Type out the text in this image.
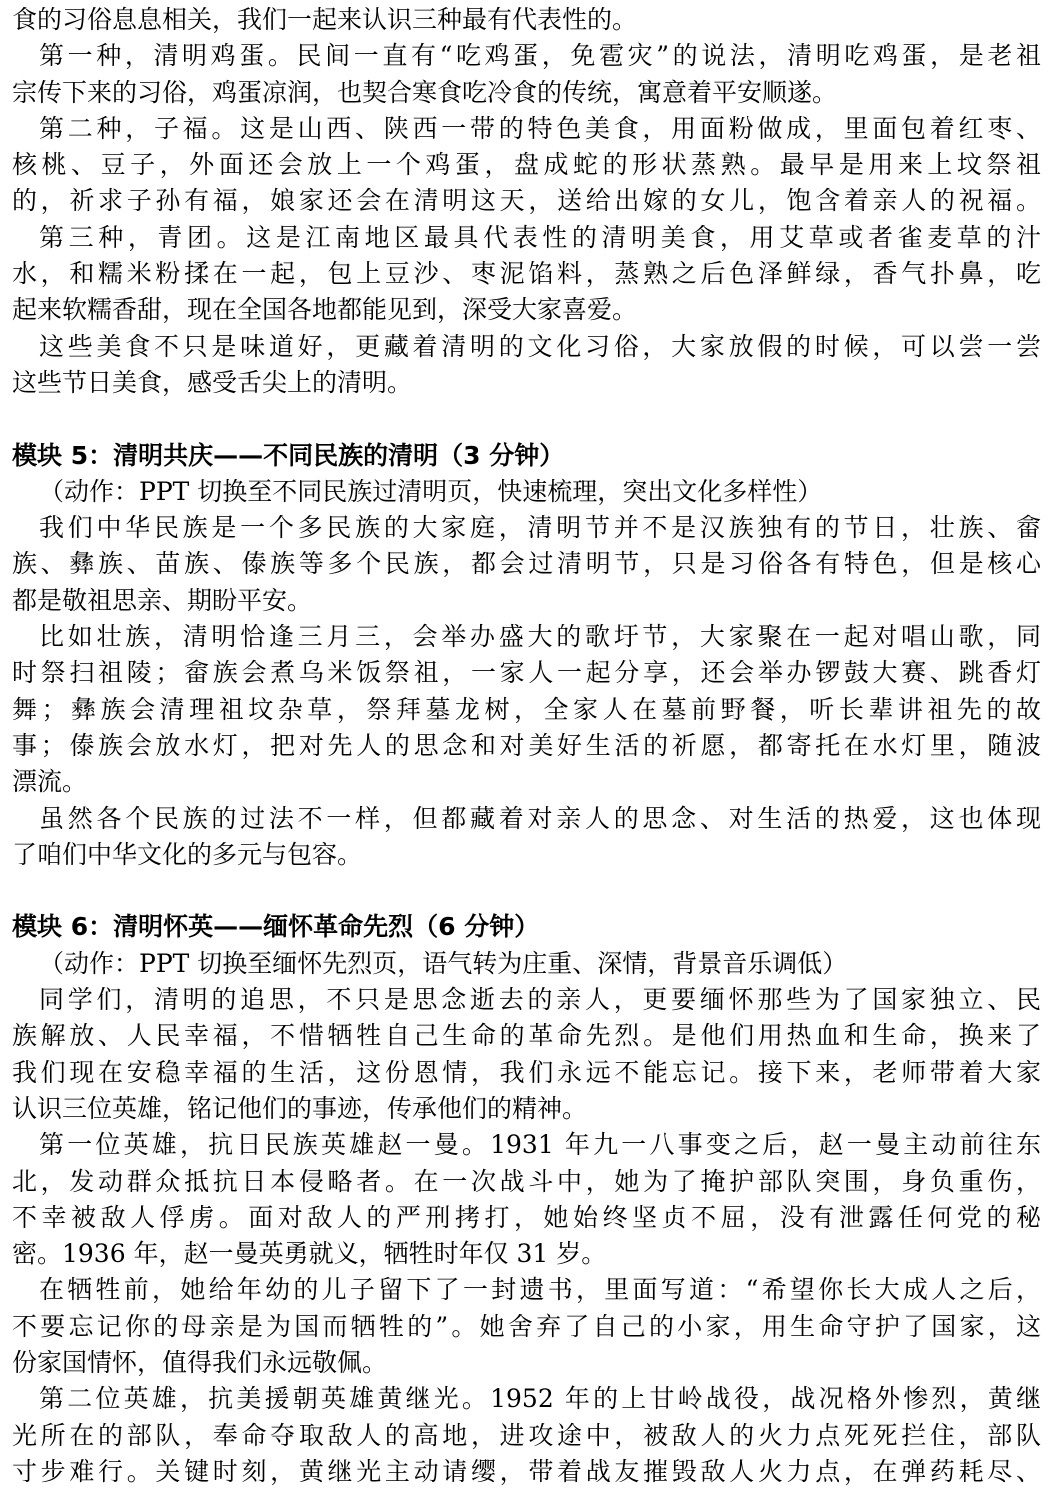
食的习俗息息相关，我们一起来认识三种最有代表性的。
第一种，清明鸡蛋。民间一直有“吃鸡蛋，免雹灾”的说法，清明吃鸡蛋，是老祖
宗传下来的习俗，鸡蛋凉润，也契合寒食吃冷食的传统，寓意着平安顺遂。
第二种，子福。这是山西、陕西一带的特色美食，用面粉做成，里面包着红枣、
核桃、豆子，外面还会放上一个鸡蛋，盘成蛇的形状蒸熟。最早是用来上坟祭祖
的，祈求子孙有福，娘家还会在清明这天，送给出嫁的女儿，饱含着亲人的祝福。
第三种，青团。这是江南地区最具代表性的清明美食，用艾草或者雀麦草的汁
水，和糯米粉揉在一起，包上豆沙、枣泥馅料，蒸熟之后色泽鲜绿，香气扑鼻，吃
起来软糯香甜，现在全国各地都能见到，深受大家喜爱。
这些美食不只是味道好，更藏着清明的文化习俗，大家放假的时候，可以尝一尝
这些节日美食，感受舌尖上的清明。
模块 5：清明共庆——不同民族的清明（3 分钟）
（动作：PPT 切换至不同民族过清明页，快速梳理，突出文化多样性）
我们中华民族是一个多民族的大家庭，清明节并不是汉族独有的节日，壮族、畲
族、彝族、苗族、傣族等多个民族，都会过清明节，只是习俗各有特色，但是核心
都是敬祖思亲、期盼平安。
比如壮族，清明恰逢三月三，会举办盛大的歌圩节，大家聚在一起对唱山歌，同
时祭扫祖陵；畲族会煮乌米饭祭祖，一家人一起分享，还会举办锣鼓大赛、跳香灯
舞；彝族会清理祖坟杂草，祭拜墓龙树，全家人在墓前野餐，听长辈讲祖先的故
事；傣族会放水灯，把对先人的思念和对美好生活的祈愿，都寄托在水灯里，随波
漂流。
虽然各个民族的过法不一样，但都藏着对亲人的思念、对生活的热爱，这也体现
了咱们中华文化的多元与包容。
模块 6：清明怀英——缅怀革命先烈（6 分钟）
（动作：PPT 切换至缅怀先烈页，语气转为庄重、深情，背景音乐调低）
同学们，清明的追思，不只是思念逝去的亲人，更要缅怀那些为了国家独立、民
族解放、人民幸福，不惜牺牲自己生命的革命先烈。是他们用热血和生命，换来了
我们现在安稳幸福的生活，这份恩情，我们永远不能忘记。接下来，老师带着大家
认识三位英雄，铭记他们的事迹，传承他们的精神。
第一位英雄，抗日民族英雄赵一曼。1931 年九一八事变之后，赵一曼主动前往东
北，发动群众抵抗日本侵略者。在一次战斗中，她为了掩护部队突围，身负重伤，
不幸被敌人俘虏。面对敌人的严刑拷打，她始终坚贞不屈，没有泄露任何党的秘
密。1936 年，赵一曼英勇就义，牺牲时年仅 31 岁。
在牺牲前，她给年幼的儿子留下了一封遗书，里面写道：“希望你长大成人之后，
不要忘记你的母亲是为国而牺牲的”。她舍弃了自己的小家，用生命守护了国家，这
份家国情怀，值得我们永远敬佩。
第二位英雄，抗美援朝英雄黄继光。1952 年的上甘岭战役，战况格外惨烈，黄继
光所在的部队，奉命夺取敌人的高地，进攻途中，被敌人的火力点死死拦住，部队
寸步难行。关键时刻，黄继光主动请缨，带着战友摧毁敌人火力点，在弹药耗尽、
